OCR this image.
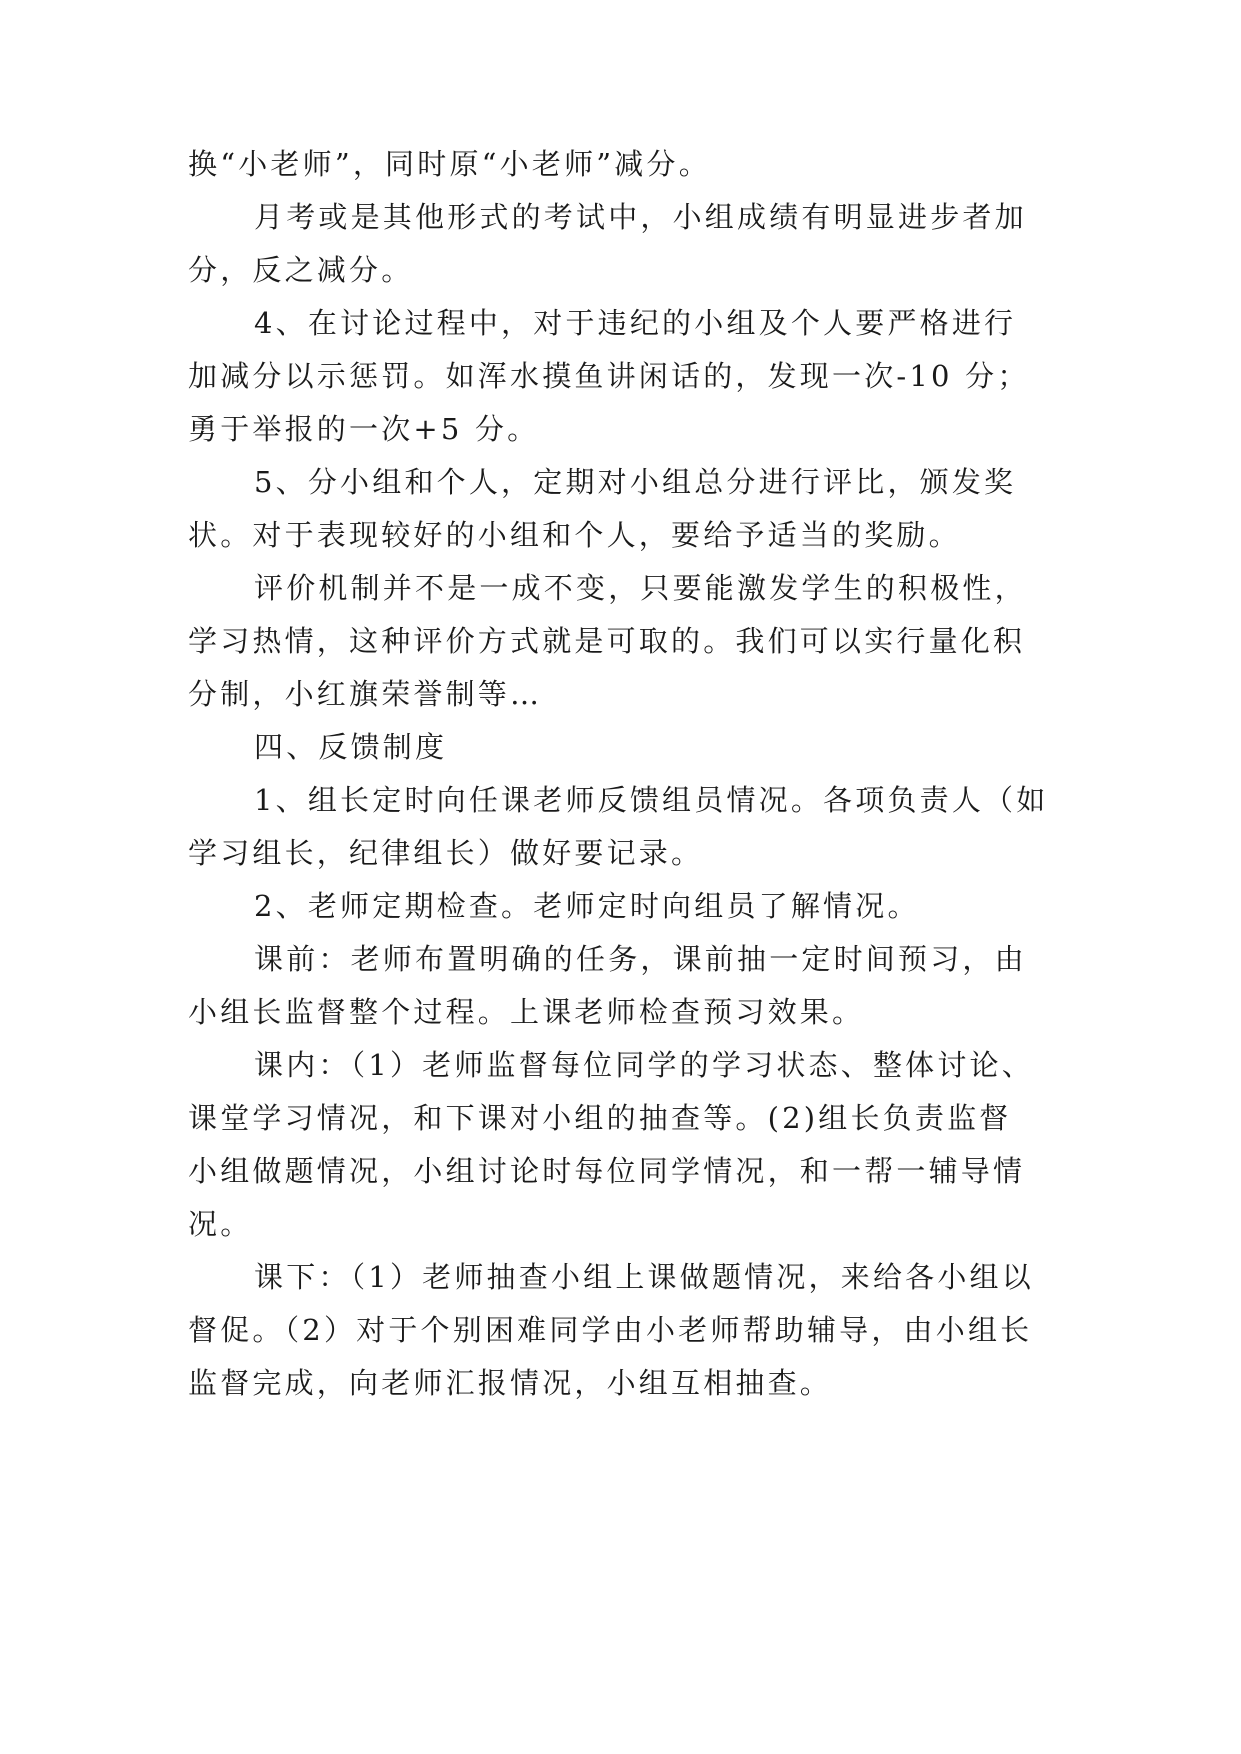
换“小老师”，同时原“小老师”减分。
月考或是其他形式的考试中，小组成绩有明显进步者加
分，反之减分。
4、在讨论过程中，对于违纪的小组及个人要严格进行
加减分以示惩罚。如浑水摸鱼讲闲话的，发现一次-10 分；
勇于举报的一次+5 分。
5、分小组和个人，定期对小组总分进行评比，颁发奖
状。对于表现较好的小组和个人，要给予适当的奖励。
评价机制并不是一成不变，只要能激发学生的积极性，
学习热情，这种评价方式就是可取的。我们可以实行量化积
分制，小红旗荣誉制等…
四、反馈制度
1、组长定时向任课老师反馈组员情况。各项负责人（如
学习组长，纪律组长）做好要记录。
2、老师定期检查。老师定时向组员了解情况。
课前：老师布置明确的任务，课前抽一定时间预习，由
小组长监督整个过程。上课老师检查预习效果。
课内：（1）老师监督每位同学的学习状态、整体讨论、
课堂学习情况，和下课对小组的抽查等。(2)组长负责监督
小组做题情况，小组讨论时每位同学情况，和一帮一辅导情
况。
课下：（1）老师抽查小组上课做题情况，来给各小组以
督促。（2）对于个别困难同学由小老师帮助辅导，由小组长
监督完成，向老师汇报情况，小组互相抽查。
